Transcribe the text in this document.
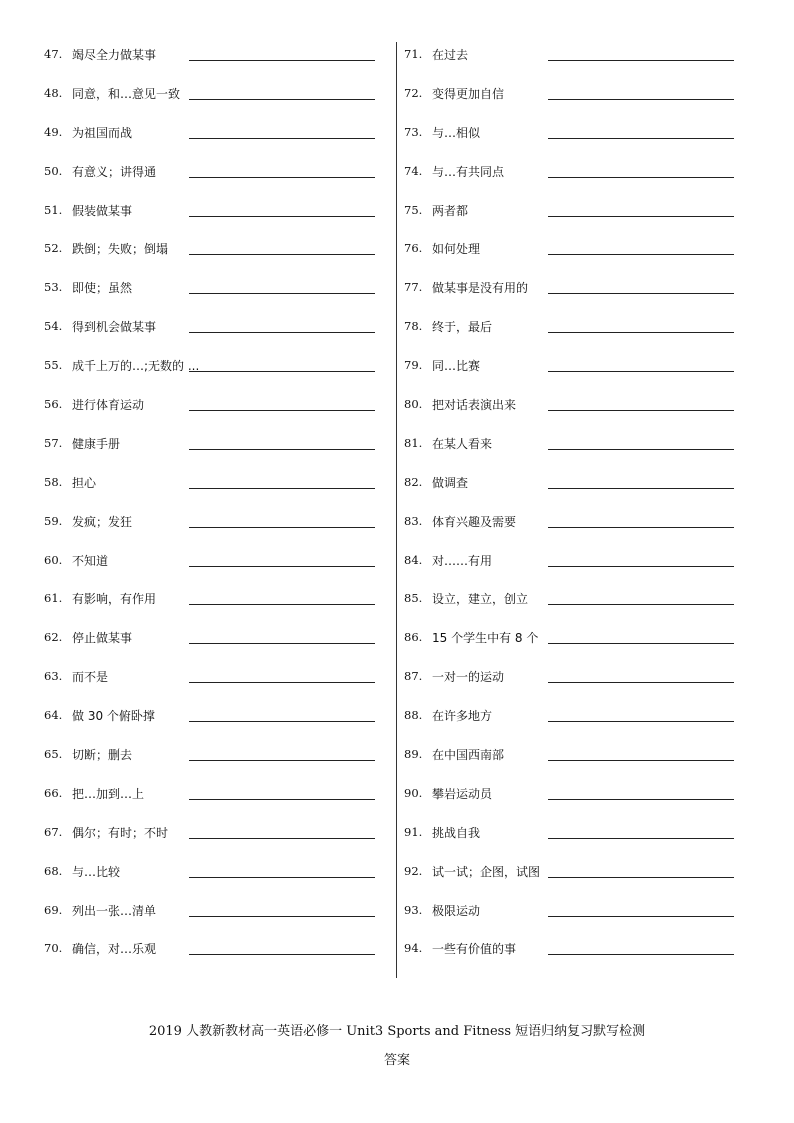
47. 竭尽全力做某事
48. 同意，和…意见一致
49. 为祖国而战
50. 有意义；讲得通
51. 假装做某事
52. 跌倒；失败；倒塌
53. 即使；虽然
54. 得到机会做某事
55. 成千上万的…;无数的 ...
56. 进行体育运动
57. 健康手册
58. 担心
59. 发疯；发狂
60. 不知道
61. 有影响，有作用
62. 停止做某事
63. 而不是
64. 做 30 个俯卧撑
65. 切断；删去
66. 把…加到…上
67. 偶尔；有时；不时
68. 与…比较
69. 列出一张…清单
70. 确信，对…乐观
71. 在过去
72. 变得更加自信
73. 与…相似
74. 与…有共同点
75. 两者都
76. 如何处理
77. 做某事是没有用的
78. 终于，最后
79. 同…比赛
80. 把对话表演出来
81. 在某人看来
82. 做调查
83. 体育兴趣及需要
84. 对……有用
85. 设立，建立，创立
86. 15 个学生中有 8 个
87. 一对一的运动
88. 在许多地方
89. 在中国西南部
90. 攀岩运动员
91. 挑战自我
92. 试一试；企图，试图
93. 极限运动
94. 一些有价值的事
2019 人教新教材高一英语必修一 Unit3 Sports and Fitness 短语归纳复习默写检测
答案
